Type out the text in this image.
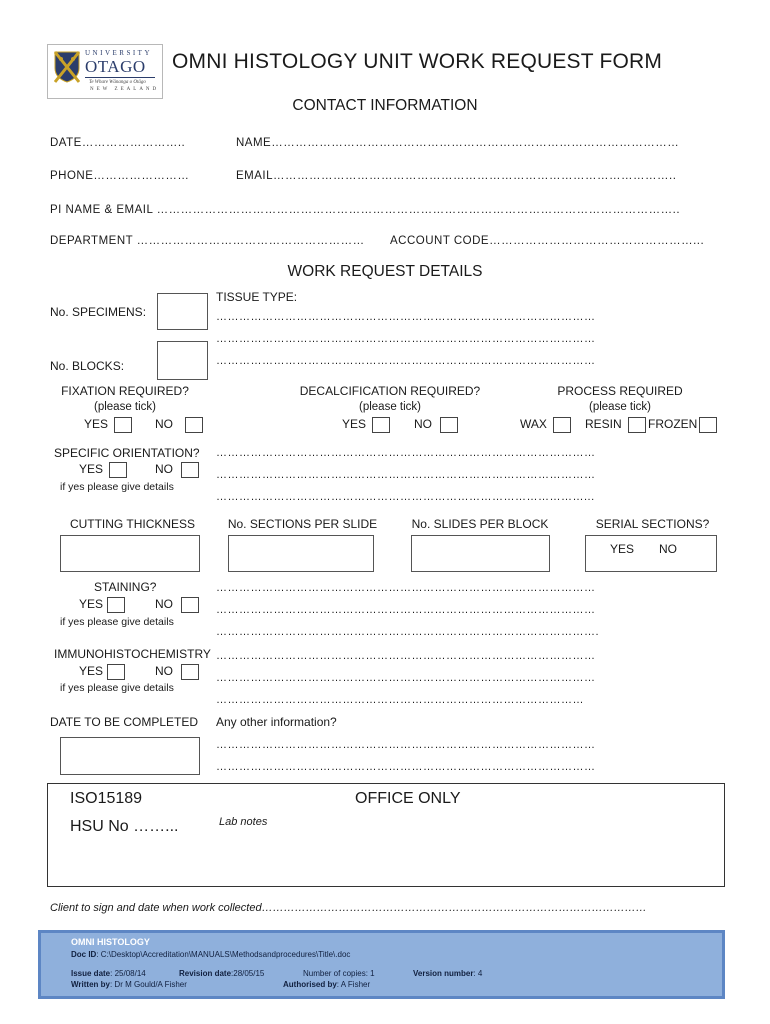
UNIVERSITY
OTAGO
Te Whare Wānanga o Otāgo
NEW ZEALAND
OMNI HISTOLOGY UNIT WORK REQUEST FORM
CONTACT INFORMATION
DATE……………………..	NAME…………………………………………………………………………………………
PHONE……………………	EMAIL………………………………………………………………………………………..
PI NAME & EMAIL …………………………………………………………………………………………………………………..
DEPARTMENT …………………………………………………	ACCOUNT CODE……………………………………………...
WORK REQUEST DETAILS
No. SPECIMENS:
No. BLOCKS:
TISSUE TYPE:
………………………………………………………………………………………
………………………………………………………………………………………
………………………………………………………………………………………
FIXATION REQUIRED?
(please tick)
YES	NO
DECALCIFICATION REQUIRED?
(please tick)
YES	NO
PROCESS REQUIRED
(please tick)
WAX	RESIN	FROZEN
SPECIFIC ORIENTATION?
YES	NO
if yes please give details
………………………………………………………………………………………
………………………………………………………………………………………
……………………………………………………………………………………...
CUTTING THICKNESS	No. SECTIONS PER SLIDE	No. SLIDES PER BLOCK	SERIAL SECTIONS?
YES NO
STAINING?
YES	NO
if yes please give details
………………………………………………………………………………………
………………………………………………………………………………………
……………………………………………………………………………………….
IMMUNOHISTOCHEMISTRY
YES	NO
if yes please give details
………………………………………………………………………………………
………………………………………………………………………………………
……………………………………………………………………………………
DATE TO BE COMPLETED Any other information?
………………………………………………………………………………………
………………………………………………………………………………………
ISO15189	OFFICE ONLY
HSU No ……...	Lab notes
Client to sign and date when work collected……………………………………………………………………………………………
OMNI HISTOLOGY
Doc ID: C:\Desktop\Accreditation\MANUALS\Methodsandprocedures\Title\.doc
Issue date: 25/08/14	Revision date:28/05/15	Number of copies: 1	Version number: 4
Written by: Dr M Gould/A Fisher	Authorised by: A Fisher
